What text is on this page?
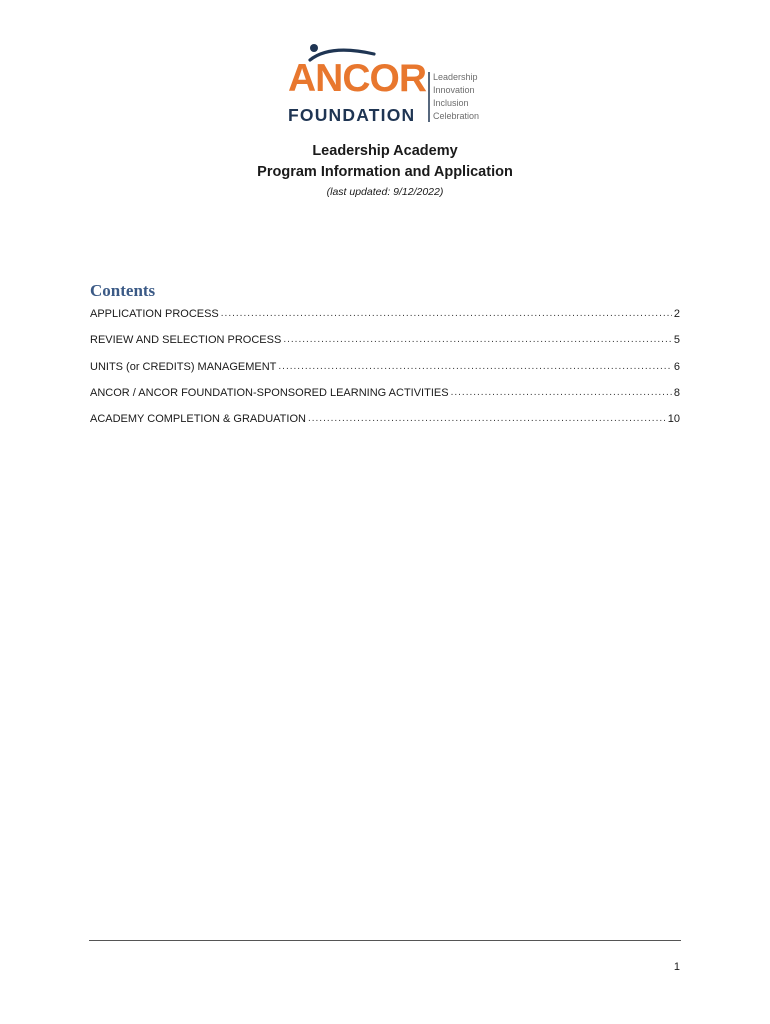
ANCOR
FOUNDATION
Leadership
Innovation
Inclusion
Celebration
Leadership Academy
Program Information and Application
(last updated: 9/12/2022)
Contents
APPLICATION PROCESS .....	2
REVIEW AND SELECTION PROCESS .....	5
UNITS (or CREDITS) MANAGEMENT .....	6
ANCOR / ANCOR FOUNDATION-SPONSORED LEARNING ACTIVITIES .....	8
ACADEMY COMPLETION & GRADUATION .....	10
1
